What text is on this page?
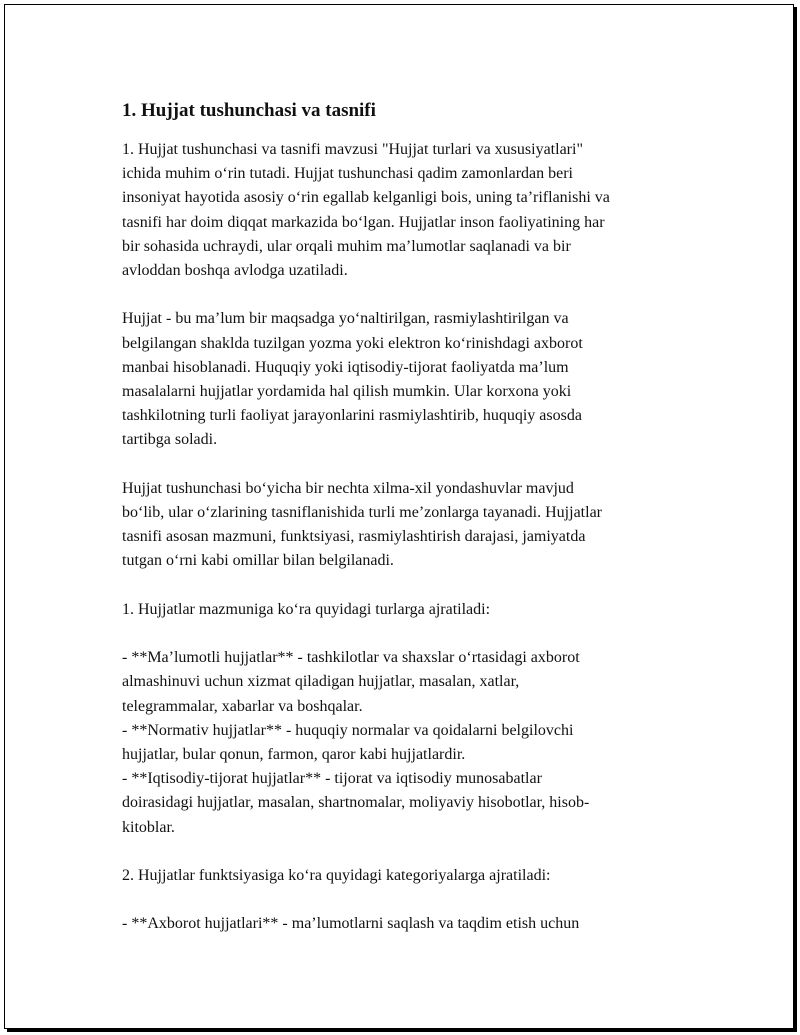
1. Hujjat tushunchasi va tasnifi
1. Hujjat tushunchasi va tasnifi mavzusi "Hujjat turlari va xususiyatlari"
ichida muhim o‘rin tutadi. Hujjat tushunchasi qadim zamonlardan beri
insoniyat hayotida asosiy o‘rin egallab kelganligi bois, uning ta’riflanishi va
tasnifi har doim diqqat markazida bo‘lgan. Hujjatlar inson faoliyatining har
bir sohasida uchraydi, ular orqali muhim ma’lumotlar saqlanadi va bir
avloddan boshqa avlodga uzatiladi.
Hujjat - bu ma’lum bir maqsadga yo‘naltirilgan, rasmiylashtirilgan va
belgilangan shaklda tuzilgan yozma yoki elektron ko‘rinishdagi axborot
manbai hisoblanadi. Huquqiy yoki iqtisodiy-tijorat faoliyatda ma’lum
masalalarni hujjatlar yordamida hal qilish mumkin. Ular korxona yoki
tashkilotning turli faoliyat jarayonlarini rasmiylashtirib, huquqiy asosda
tartibga soladi.
Hujjat tushunchasi bo‘yicha bir nechta xilma-xil yondashuvlar mavjud
bo‘lib, ular o‘zlarining tasniflanishida turli me’zonlarga tayanadi. Hujjatlar
tasnifi asosan mazmuni, funktsiyasi, rasmiylashtirish darajasi, jamiyatda
tutgan o‘rni kabi omillar bilan belgilanadi.
1. Hujjatlar mazmuniga ko‘ra quyidagi turlarga ajratiladi:
- **Ma’lumotli hujjatlar** - tashkilotlar va shaxslar o‘rtasidagi axborot
almashinuvi uchun xizmat qiladigan hujjatlar, masalan, xatlar,
telegrammalar, xabarlar va boshqalar.
- **Normativ hujjatlar** - huquqiy normalar va qoidalarni belgilovchi
hujjatlar, bular qonun, farmon, qaror kabi hujjatlardir.
- **Iqtisodiy-tijorat hujjatlar** - tijorat va iqtisodiy munosabatlar
doirasidagi hujjatlar, masalan, shartnomalar, moliyaviy hisobotlar, hisob-
kitoblar.
2. Hujjatlar funktsiyasiga ko‘ra quyidagi kategoriyalarga ajratiladi:
- **Axborot hujjatlari** - ma’lumotlarni saqlash va taqdim etish uchun
